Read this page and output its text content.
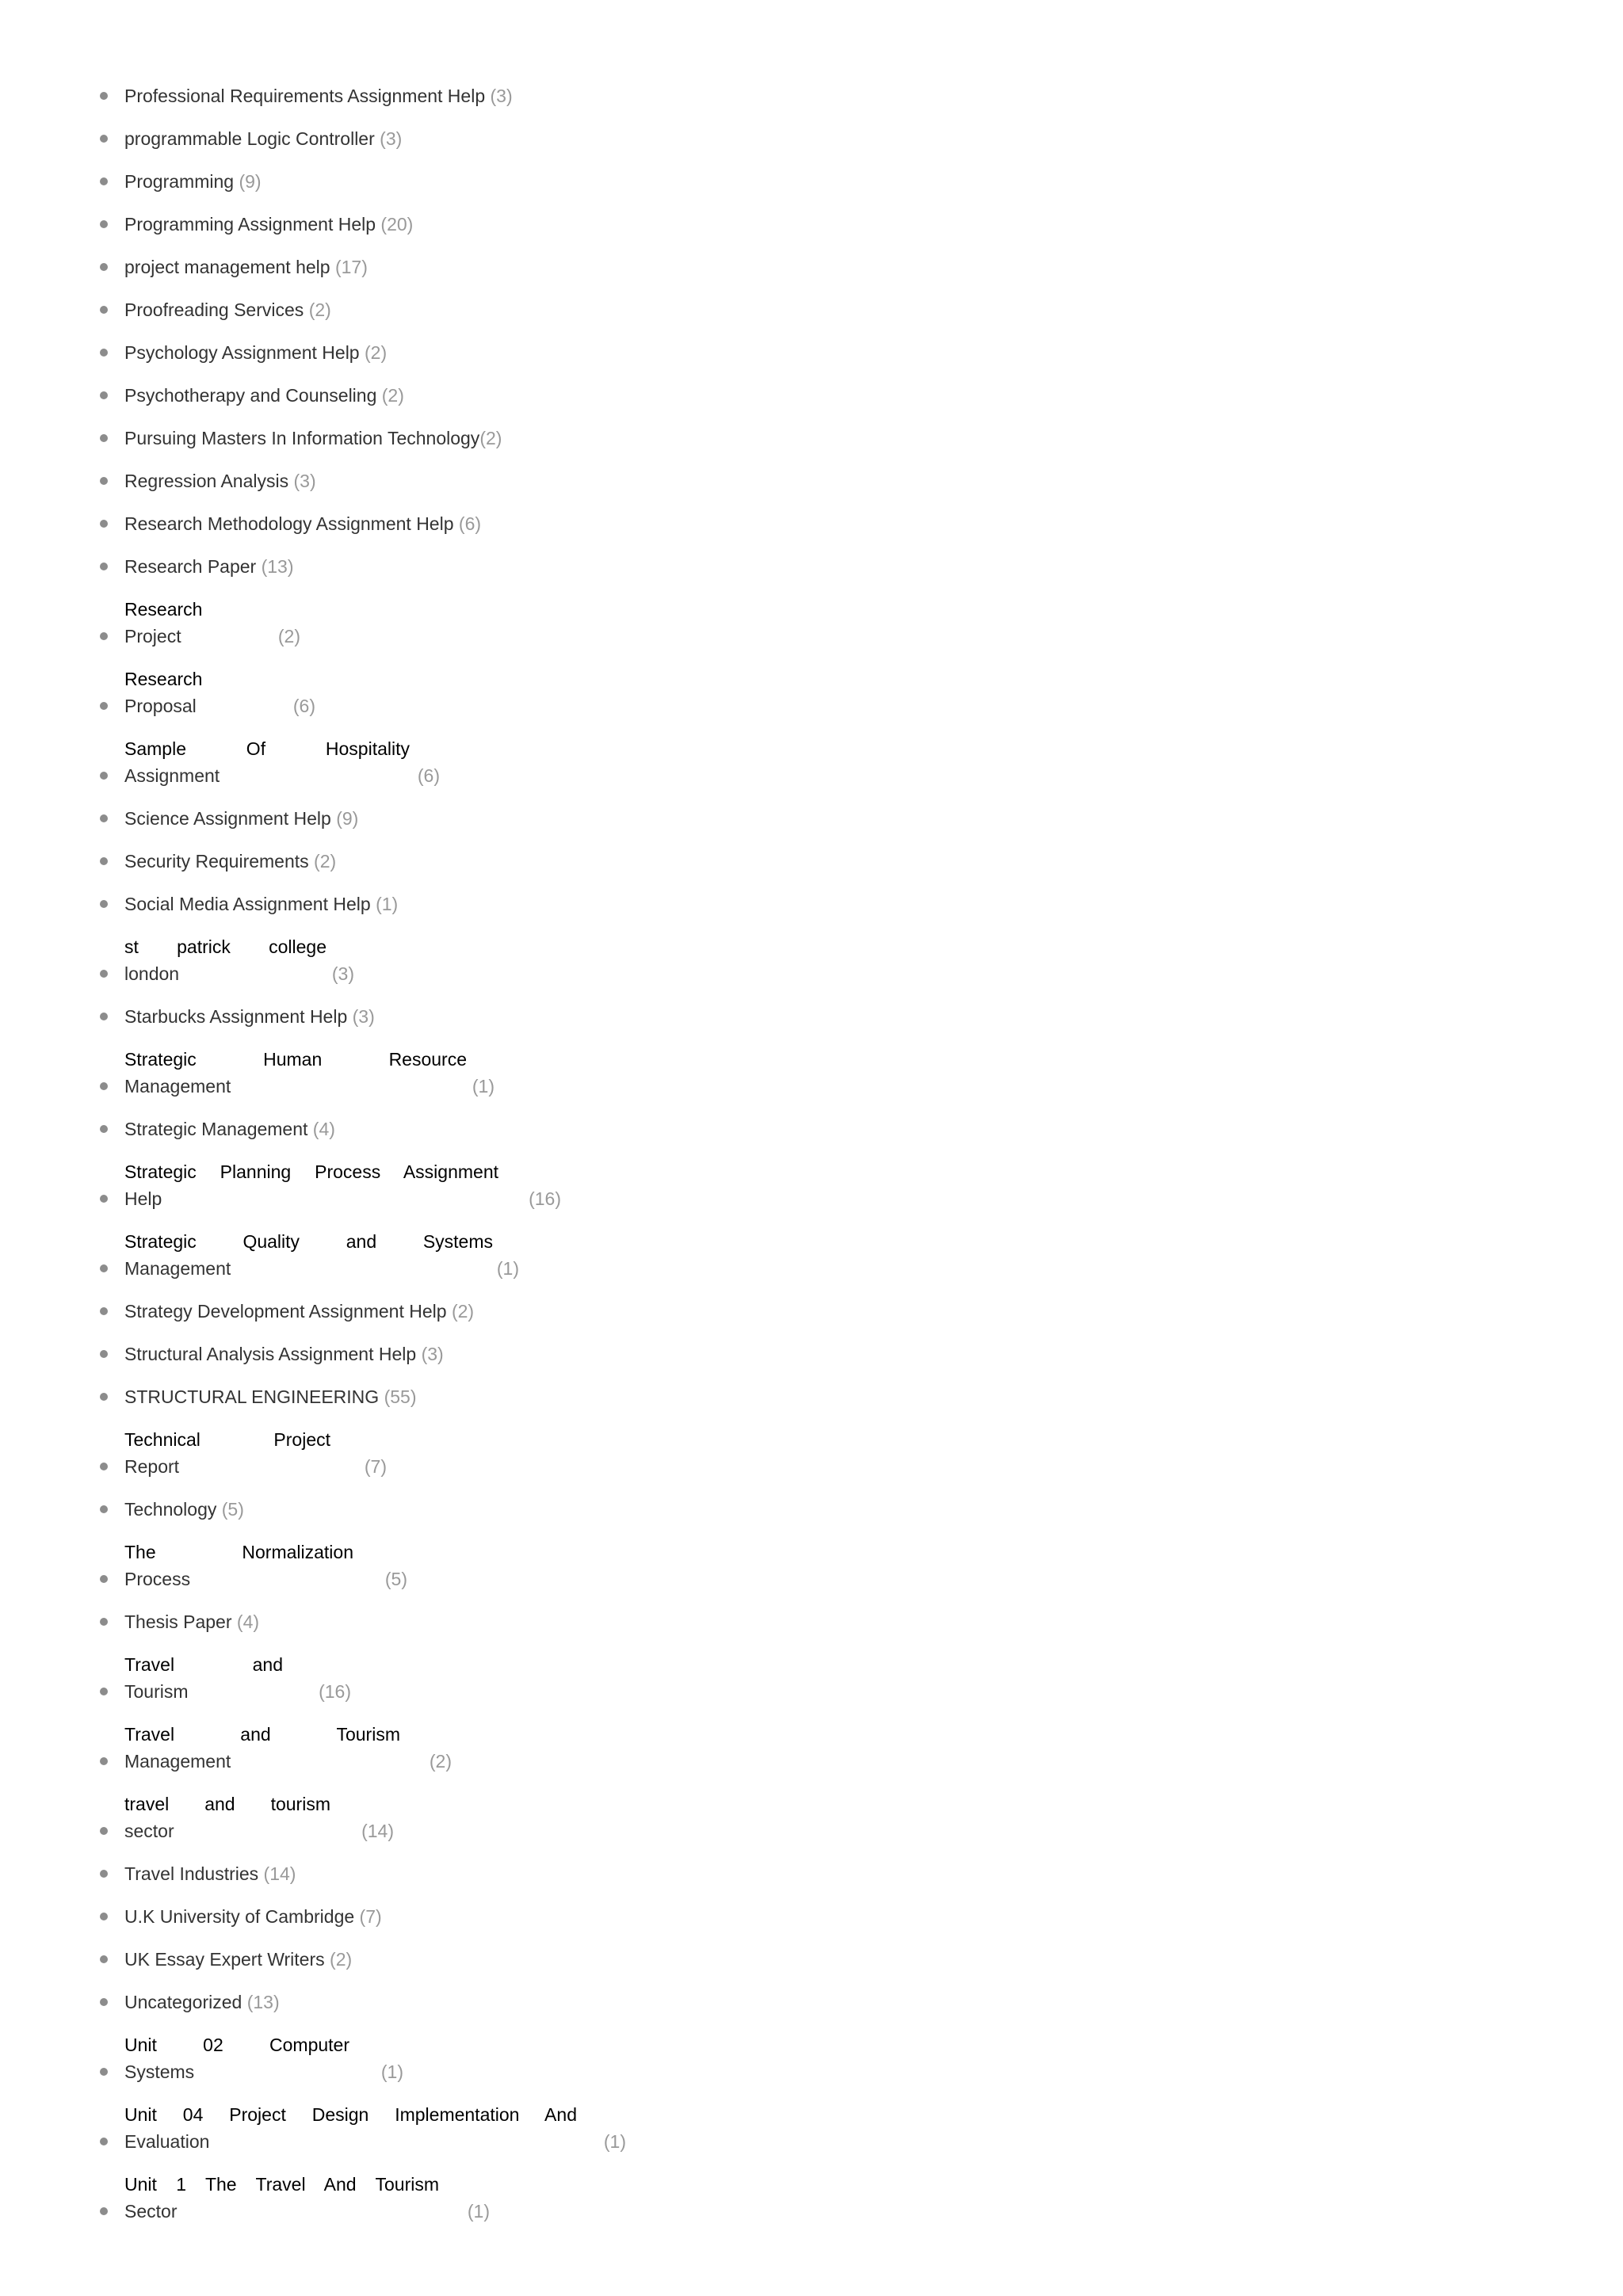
Professional Requirements Assignment Help (3)
programmable Logic Controller (3)
Programming (9)
Programming Assignment Help (20)
project management help (17)
Proofreading Services (2)
Psychology Assignment Help (2)
Psychotherapy and Counseling (2)
Pursuing Masters In Information Technology(2)
Regression Analysis (3)
Research Methodology Assignment Help (6)
Research Paper (13)
Research
Project	(2)
Research
Proposal	(6)
Sample Of Hospitality
Assignment	(6)
Science Assignment Help (9)
Security Requirements (2)
Social Media Assignment Help (1)
st patrick college
london	(3)
Starbucks Assignment Help (3)
Strategic Human Resource
Management	(1)
Strategic Management (4)
Strategic Planning Process Assignment
Help	(16)
Strategic Quality and Systems
Management	(1)
Strategy Development Assignment Help (2)
Structural Analysis Assignment Help (3)
STRUCTURAL ENGINEERING (55)
Technical Project
Report	(7)
Technology (5)
The Normalization
Process	(5)
Thesis Paper (4)
Travel and
Tourism	(16)
Travel and Tourism
Management	(2)
travel and tourism
sector	(14)
Travel Industries (14)
U.K University of Cambridge (7)
UK Essay Expert Writers (2)
Uncategorized (13)
Unit 02 Computer
Systems	(1)
Unit 04 Project Design Implementation And
Evaluation	(1)
Unit 1 The Travel And Tourism
Sector	(1)
